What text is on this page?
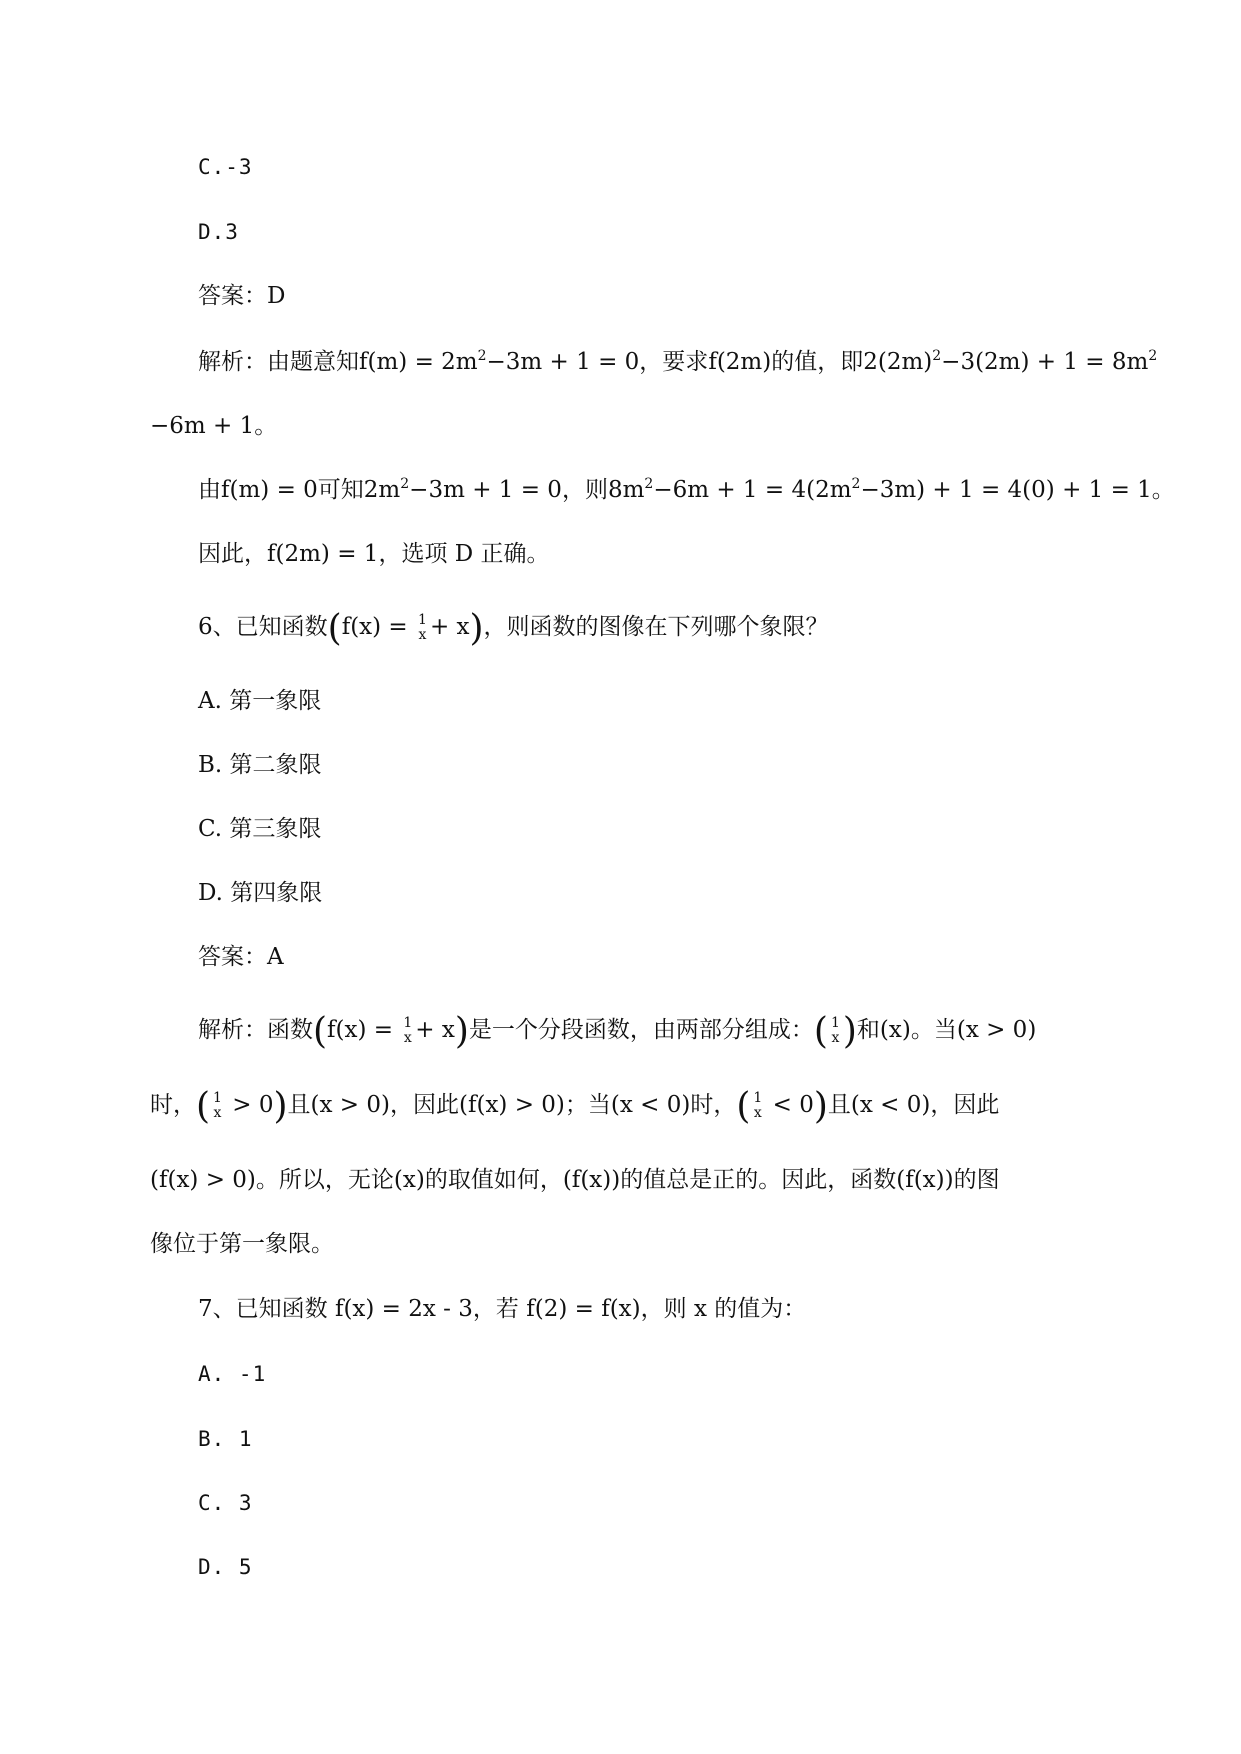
C.-3
D.3
答案：D
解析：由题意知$f(m) = 2m^2-3m + 1 = 0$，要求f(2m)的值，即$2(2m)^2-3(2m) + 1 = 8m^2$
−6m + 1。
由f(m) = 0可知$2m^2-3m + 1 = 0$，则$8m^2-6m + 1 = 4(2m^2-3m) + 1 = 4(0) + 1 = 1$。
因此，f(2m) = 1，选项 D 正确。
6、已知函数(f(x) = 1
x + x)，则函数的图像在下列哪个象限？
A. 第一象限
B. 第二象限
C. 第三象限
D. 第四象限
答案：A
解析：函数(f(x) = 1
x + x)是一个分段函数，由两部分组成：( 1
x )和(x)。当(x > 0)
时，( 1
x > 0)且(x > 0)，因此(f(x) > 0)；当(x < 0)时，( 1
x < 0)且(x < 0)，因此
(f(x) > 0)。所以，无论(x)的取值如何，(f(x))的值总是正的。因此，函数(f(x))的图
像位于第一象限。
7、已知函数 f(x) = 2x - 3，若 f(2) = f(x)，则 x 的值为：
A. -1
B. 1
C. 3
D. 5
